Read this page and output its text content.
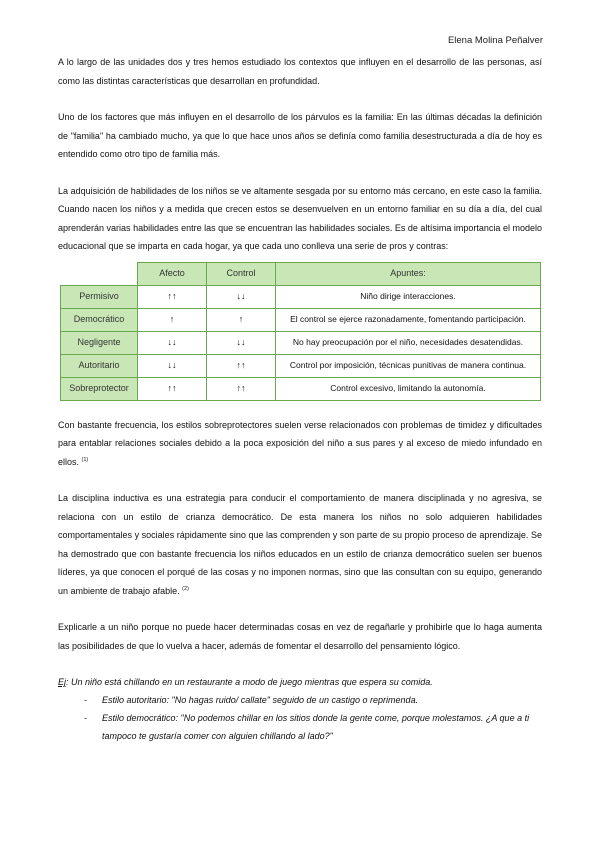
Elena Molina Peñalver

A lo largo de las unidades dos y tres hemos estudiado los contextos que influyen en el desarrollo de las personas, así como las distintas características que desarrollan en profundidad.

Uno de los factores que más influyen en el desarrollo de los párvulos es la familia: En las últimas décadas la definición de "familia" ha cambiado mucho, ya que lo que hace unos años se definía como familia desestructurada a día de hoy es entendido como otro tipo de familia más.

La adquisición de habilidades de los niños se ve altamente sesgada por su entorno más cercano, en este caso la familia. Cuando nacen los niños y a medida que crecen estos se desenvuelven en un entorno familiar en su día a día, del cual aprenderán varias habilidades entre las que se encuentran las habilidades sociales. Es de altísima importancia el modelo educacional que se imparta en cada hogar, ya que cada uno conlleva una serie de pros y contras:

	Afecto	Control	Apuntes:
Permisivo	↑↑	↓↓	Niño dirige interacciones.
Democrático	↑	↑	El control se ejerce razonadamente, fomentando participación.
Negligente	↓↓	↓↓	No hay preocupación por el niño, necesidades desatendidas.
Autoritario	↓↓	↑↑	Control por imposición, técnicas punitivas de manera continua.
Sobreprotector	↑↑	↑↑	Control excesivo, limitando la autonomía.

Con bastante frecuencia, los estilos sobreprotectores suelen verse relacionados con problemas de timidez y dificultades para entablar relaciones sociales debido a la poca exposición del niño a sus pares y al exceso de miedo infundado en ellos. $^{(1)}$

La disciplina inductiva es una estrategia para conducir el comportamiento de manera disciplinada y no agresiva, se relaciona con un estilo de crianza democrático. De esta manera los niños no solo adquieren habilidades comportamentales y sociales rápidamente sino que las comprenden y son parte de su propio proceso de aprendizaje. Se ha demostrado que con bastante frecuencia los niños educados en un estilo de crianza democrático suelen ser buenos líderes, ya que conocen el porqué de las cosas y no imponen normas, sino que las consultan con su equipo, generando un ambiente de trabajo afable. $^{(2)}$

Explicarle a un niño porque no puede hacer determinadas cosas en vez de regañarle y prohibirle que lo haga aumenta las posibilidades de que lo vuelva a hacer, además de fomentar el desarrollo del pensamiento lógico.

Ej: Un niño está chillando en un restaurante a modo de juego mientras que espera su comida.
- Estilo autoritario: "No hagas ruido/ callate" seguido de un castigo o reprimenda.
- Estilo democrático: "No podemos chillar en los sitios donde la gente come, porque molestamos. ¿A que a ti tampoco te gustaría comer con alguien chillando al lado?"
